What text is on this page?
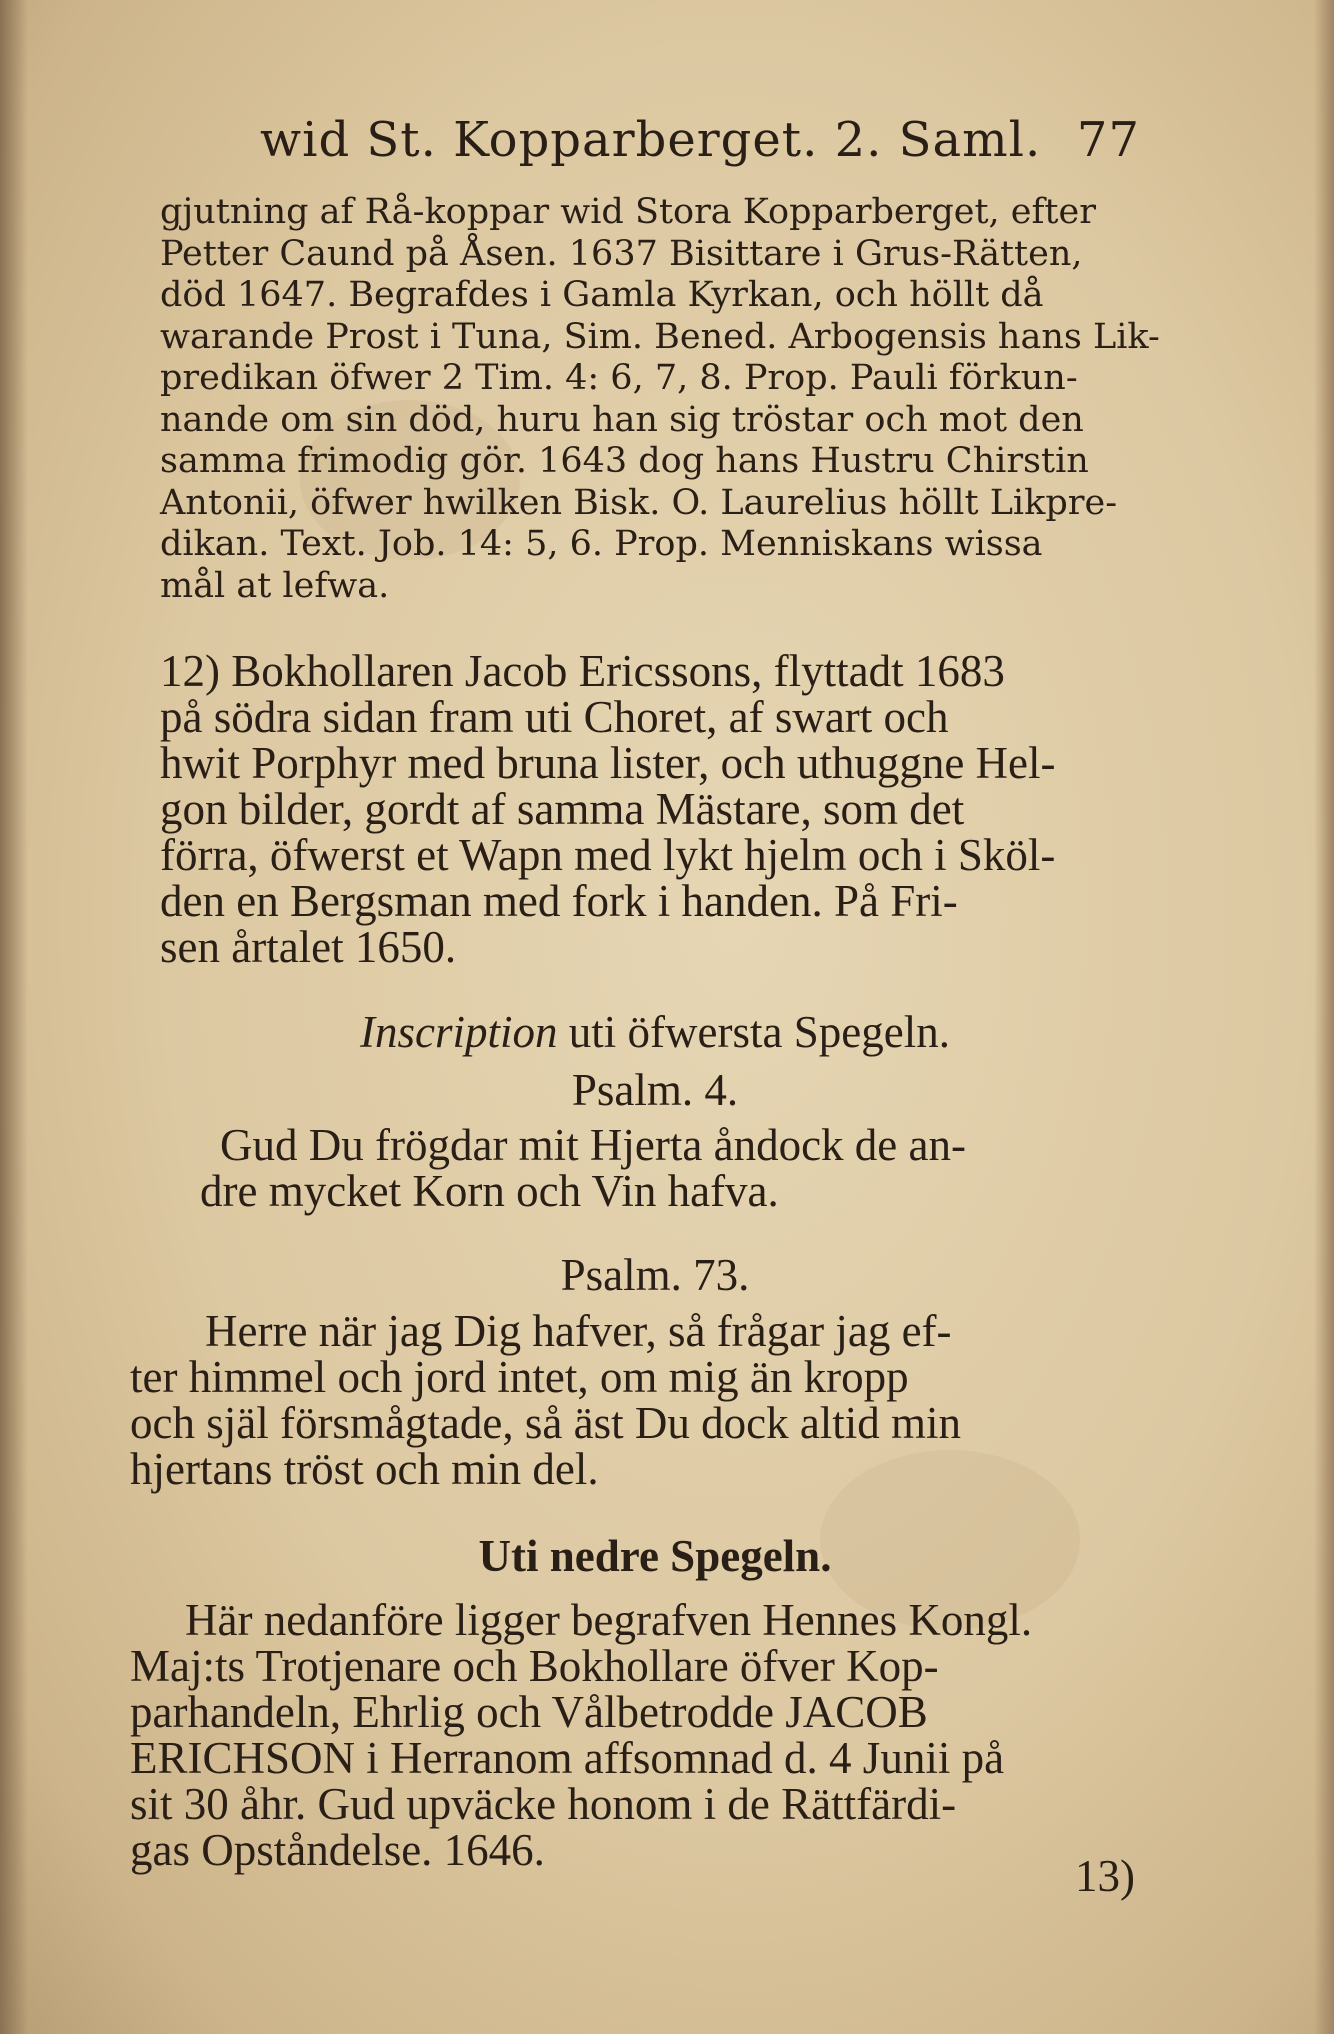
wid St. Kopparberget. 2. Saml. 77
gjutning af Rå-koppar wid Stora Kopparberget, efter
Petter Caund på Åsen. 1637 Bisittare i Grus-Rätten,
död 1647. Begrafdes i Gamla Kyrkan, och höllt då
warande Prost i Tuna, Sim. Bened. Arbogensis hans Lik-
predikan öfwer 2 Tim. 4: 6, 7, 8. Prop. Pauli förkun-
nande om sin död, huru han sig tröstar och mot den
samma frimodig gör. 1643 dog hans Hustru Chirstin
Antonii, öfwer hwilken Bisk. O. Laurelius höllt Likpre-
dikan. Text. Job. 14: 5, 6. Prop. Menniskans wissa
mål at lefwa.
12) Bokhollaren Jacob Ericssons, flyttadt 1683
på södra sidan fram uti Choret, af swart och
hwit Porphyr med bruna lister, och uthuggne Hel-
gon bilder, gordt af samma Mästare, som det
förra, öfwerst et Wapn med lykt hjelm och i Sköl-
den en Bergsman med fork i handen. På Fri-
sen årtalet 1650.
Inscription uti öfwersta Spegeln.
Psalm. 4.
Gud Du frögdar mit Hjerta åndock de an-
dre mycket Korn och Vin hafva.
Psalm. 73.
Herre när jag Dig hafver, så frågar jag ef-
ter himmel och jord intet, om mig än kropp
och själ försmågtade, så äst Du dock altid min
hjertans tröst och min del.
Uti nedre Spegeln.
Här nedanföre ligger begrafven Hennes Kongl.
Maj:ts Trotjenare och Bokhollare öfver Kop-
parhandeln, Ehrlig och Vålbetrodde JACOB
ERICHSON i Herranom affsomnad d. 4 Junii på
sit 30 åhr. Gud upväcke honom i de Rättfärdi-
gas Opståndelse. 1646.
13)
